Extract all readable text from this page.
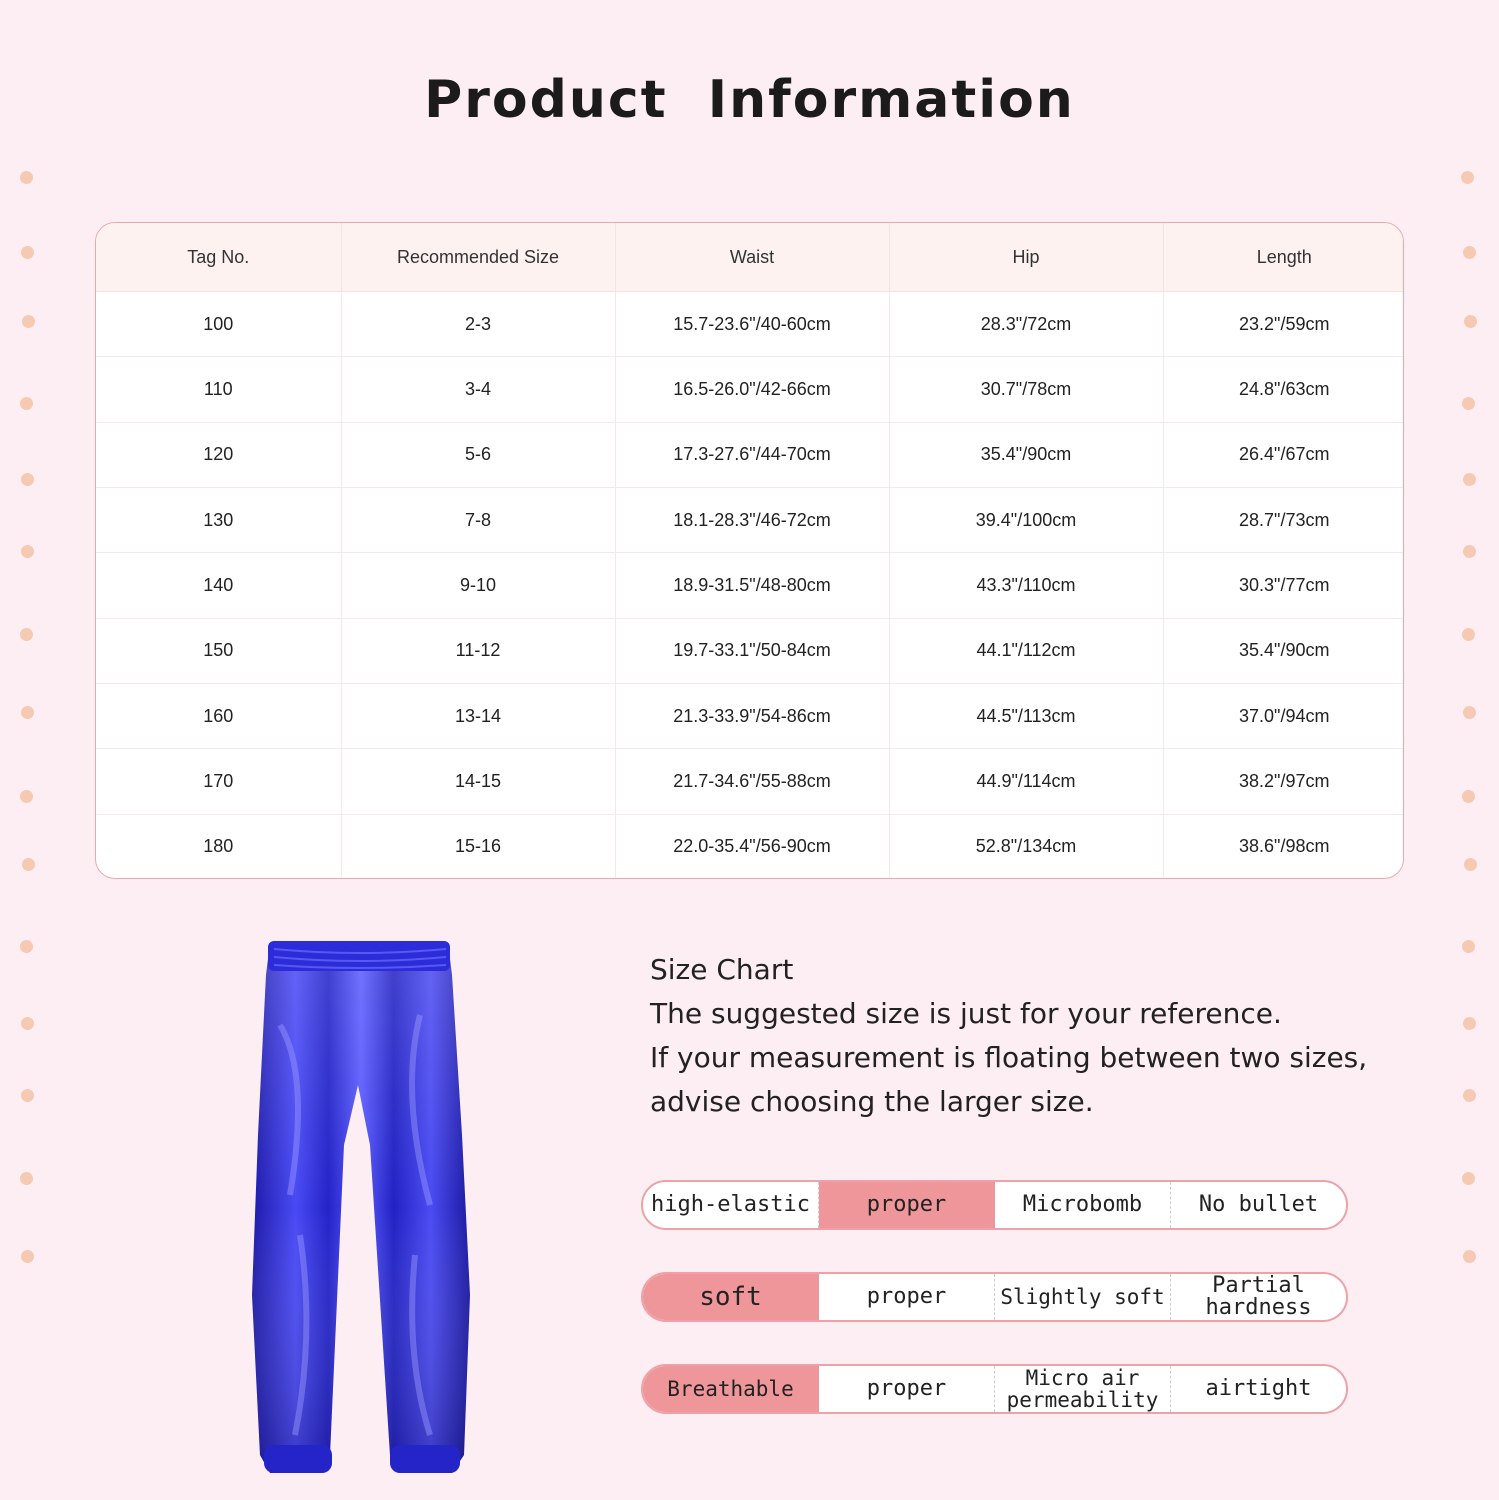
Product  Information
Tag No.	Recommended Size	Waist	Hip	Length
100	2-3	15.7-23.6"/40-60cm	28.3"/72cm	23.2"/59cm
110	3-4	16.5-26.0"/42-66cm	30.7"/78cm	24.8"/63cm
120	5-6	17.3-27.6"/44-70cm	35.4"/90cm	26.4"/67cm
130	7-8	18.1-28.3"/46-72cm	39.4"/100cm	28.7"/73cm
140	9-10	18.9-31.5"/48-80cm	43.3"/110cm	30.3"/77cm
150	11-12	19.7-33.1"/50-84cm	44.1"/112cm	35.4"/90cm
160	13-14	21.3-33.9"/54-86cm	44.5"/113cm	37.0"/94cm
170	14-15	21.7-34.6"/55-88cm	44.9"/114cm	38.2"/97cm
180	15-16	22.0-35.4"/56-90cm	52.8"/134cm	38.6"/98cm
Size Chart
The suggested size is just for your reference.
If your measurement is floating between two sizes,
advise choosing the larger size.
high-elastic	proper	Microbomb	No bullet
soft	proper	Slightly soft	Partial hardness
Breathable	proper	Micro air permeability	airtight
